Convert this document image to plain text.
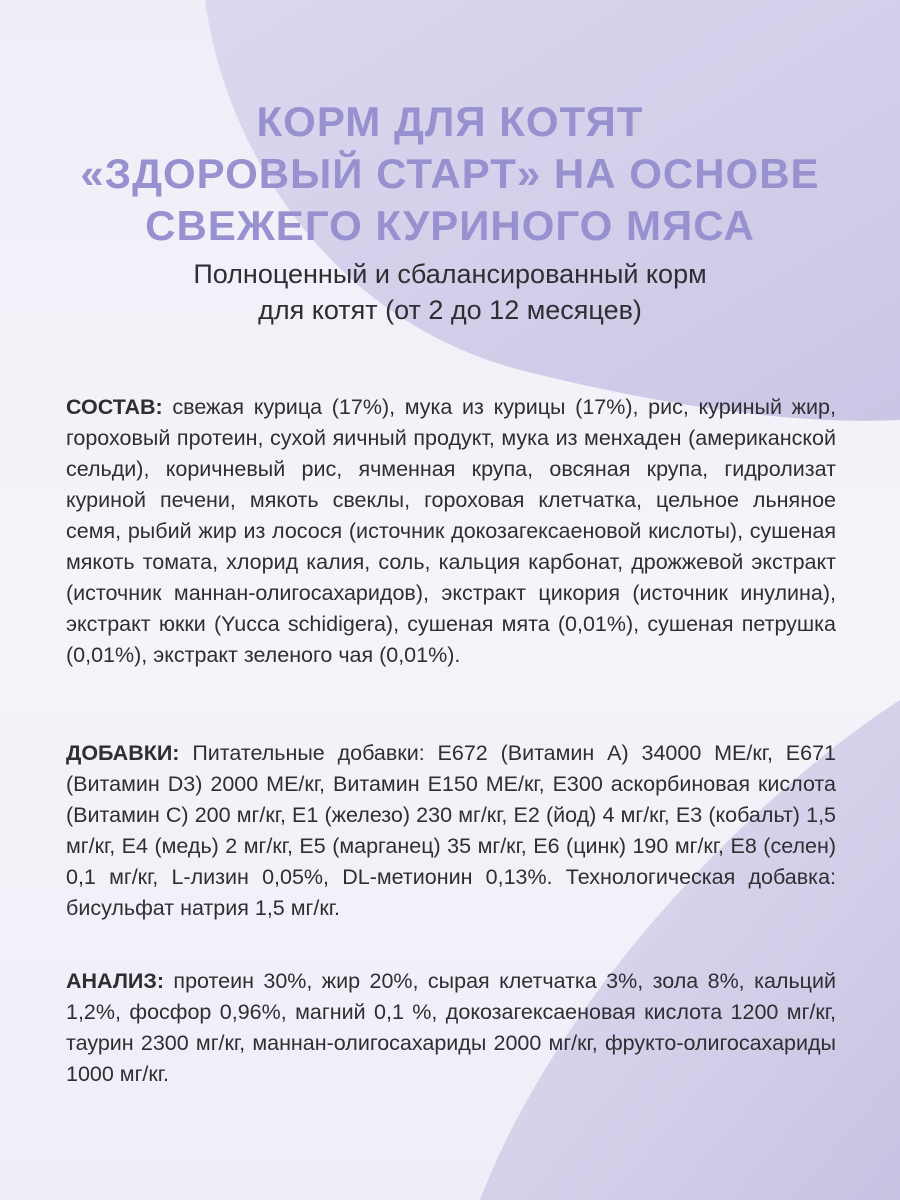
КОРМ ДЛЯ КОТЯТ
«ЗДОРОВЫЙ СТАРТ» НА ОСНОВЕ
СВЕЖЕГО КУРИНОГО МЯСА

Полноценный и сбалансированный корм
для котят (от 2 до 12 месяцев)

СОСТАВ: свежая курица (17%), мука из курицы (17%), рис, куриный жир, гороховый протеин, сухой яичный продукт, мука из менхаден (американской сельди), коричневый рис, ячменная крупа, овсяная крупа, гидролизат куриной печени, мякоть свеклы, гороховая клетчатка, цельное льняное семя, рыбий жир из лосося (источник докозагексаеновой кислоты), сушеная мякоть томата, хлорид калия, соль, кальция карбонат, дрожжевой экстракт (источник маннан-олигосахаридов), экстракт цикория (источник инулина), экстракт юкки (Yucca schidigera), сушеная мята (0,01%), сушеная петрушка (0,01%), экстракт зеленого чая (0,01%).

ДОБАВКИ: Питательные добавки: E672 (Витамин А) 34000 МЕ/кг, E671 (Витамин D3) 2000 МЕ/кг, Витамин E150 МЕ/кг, E300 аскорбиновая кислота (Витамин C) 200 мг/кг, E1 (железо) 230 мг/кг, E2 (йод) 4 мг/кг, E3 (кобальт) 1,5 мг/кг, E4 (медь) 2 мг/кг, E5 (марганец) 35 мг/кг, E6 (цинк) 190 мг/кг, E8 (селен) 0,1 мг/кг, L-лизин 0,05%, DL-метионин 0,13%. Технологическая добавка: бисульфат натрия 1,5 мг/кг.

АНАЛИЗ: протеин 30%, жир 20%, сырая клетчатка 3%, зола 8%, кальций 1,2%, фосфор 0,96%, магний 0,1 %, докозагексаеновая кислота 1200 мг/кг, таурин 2300 мг/кг, маннан-олигосахариды 2000 мг/кг, фрукто-олигосахариды 1000 мг/кг.
